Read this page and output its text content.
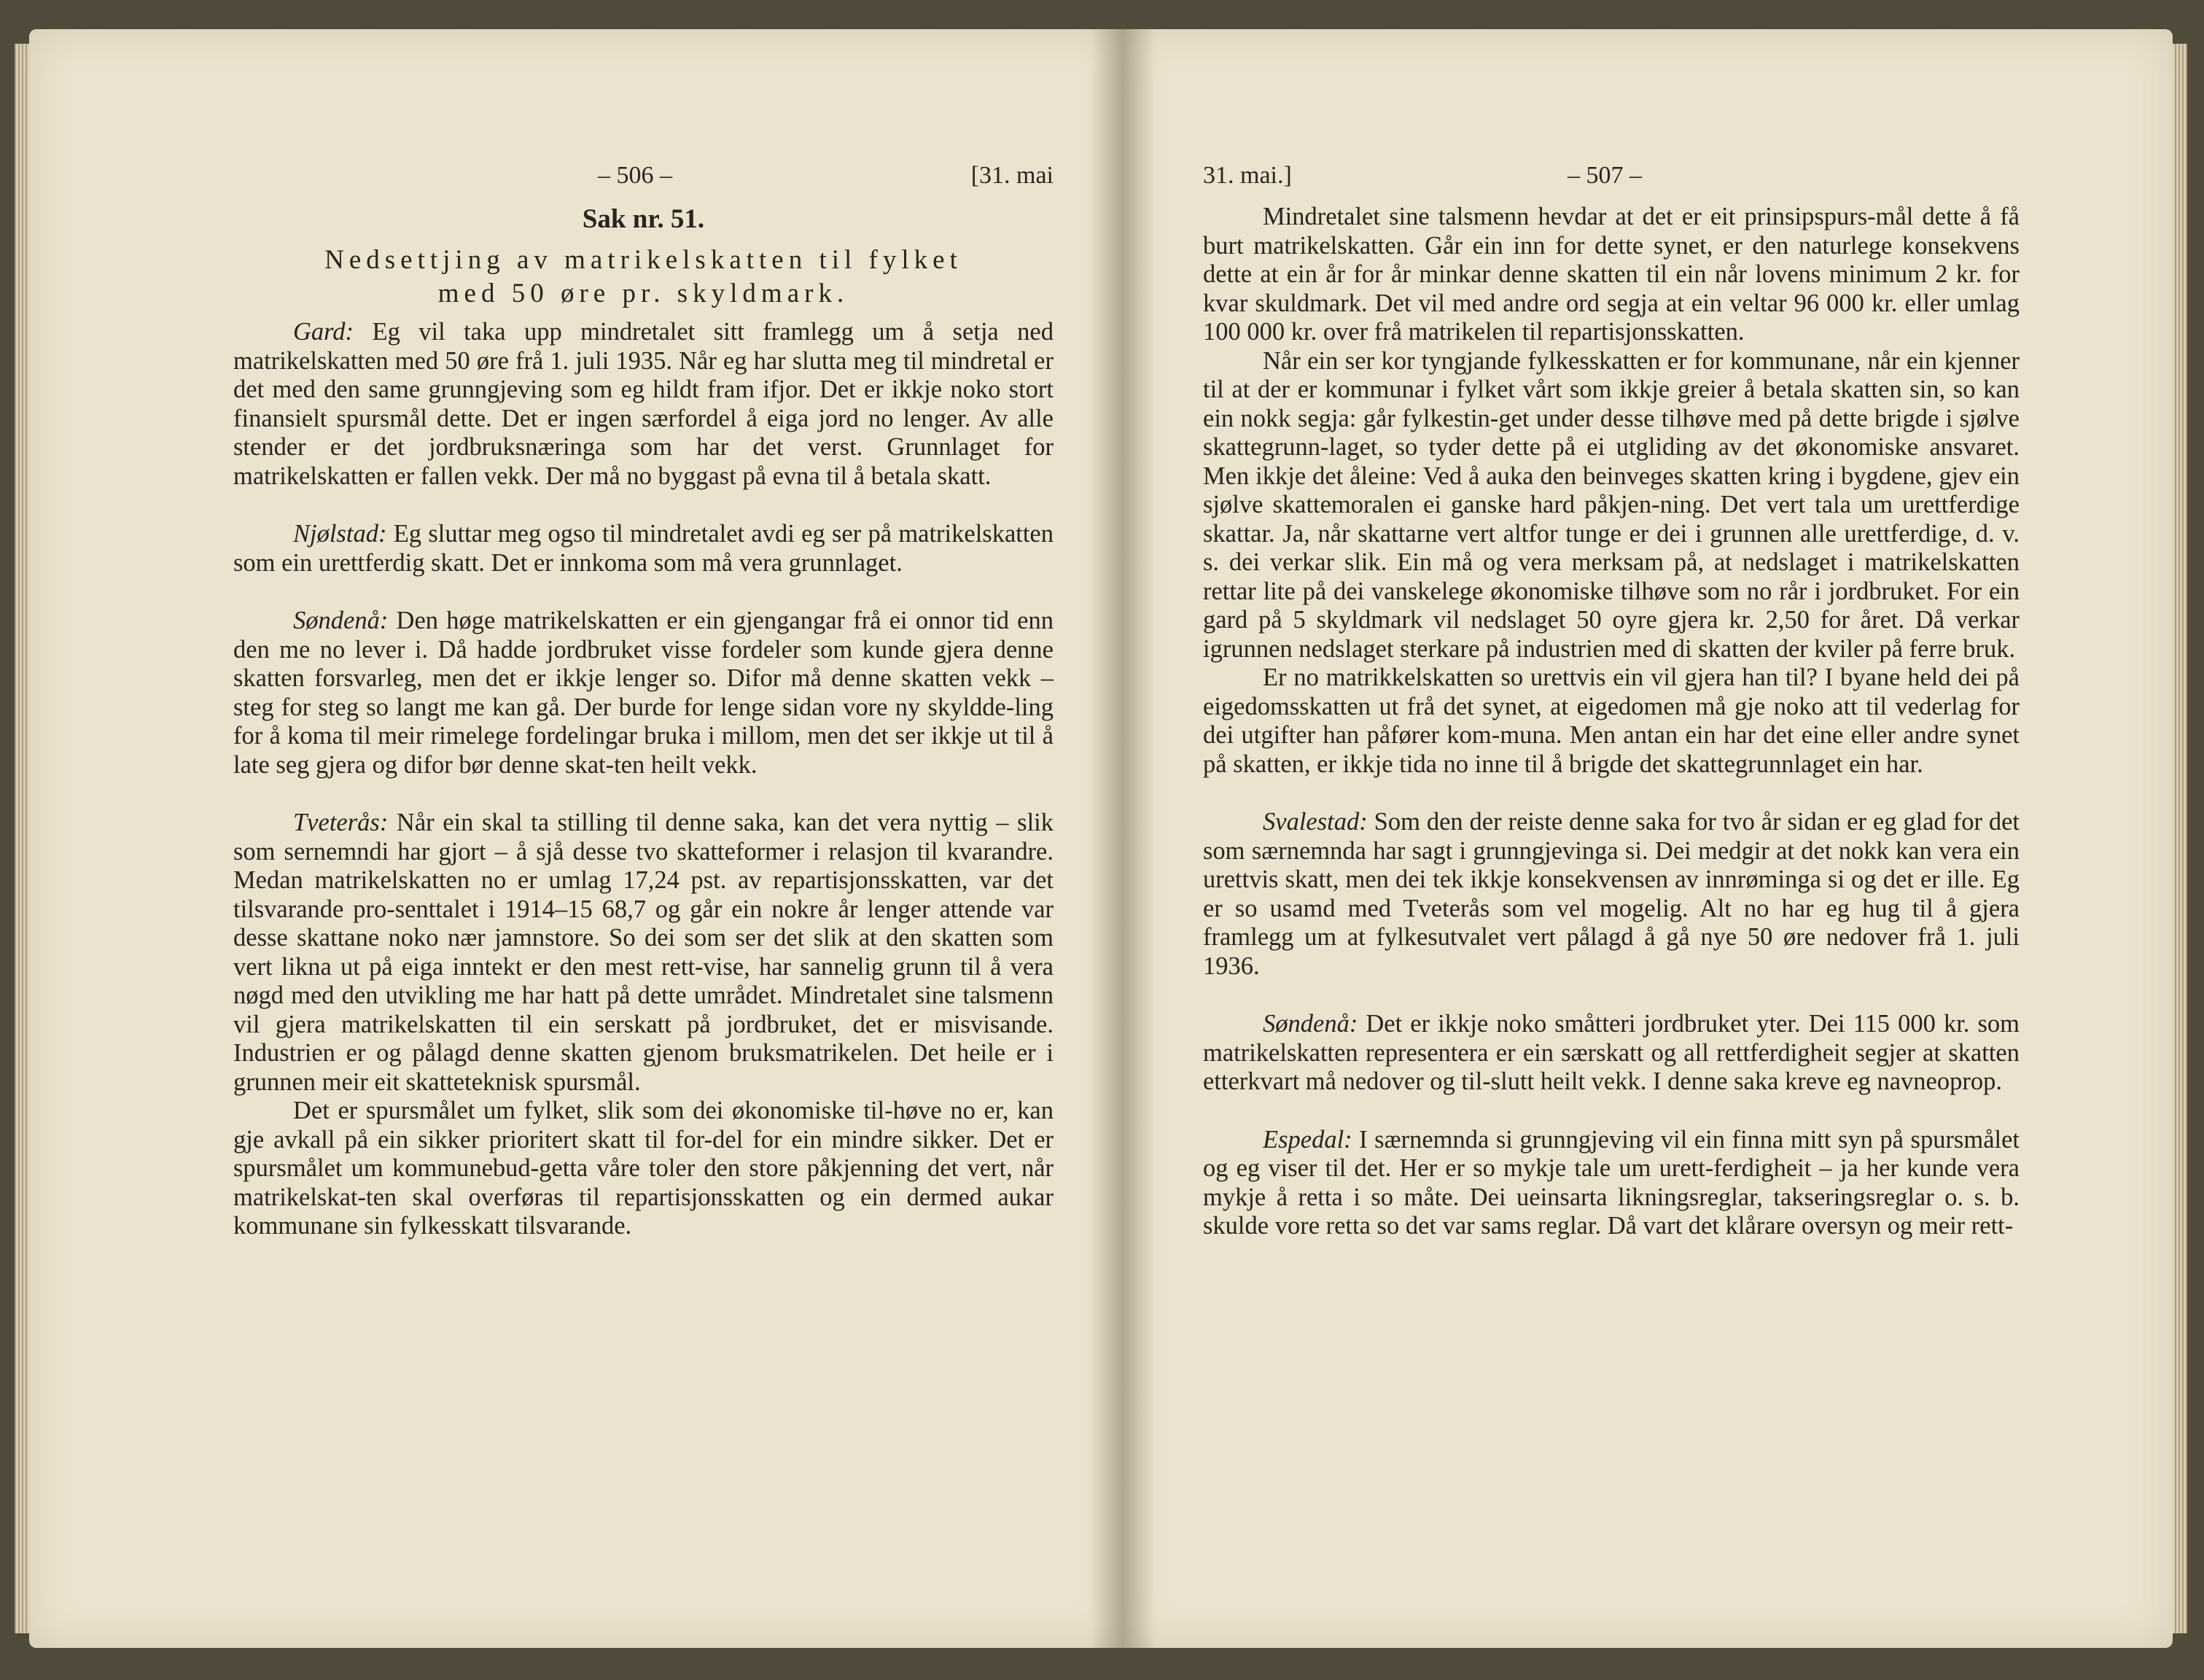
– 506 –	[31. mai
Sak nr. 51.
Nedsettjing av matrikelskatten til fylket
med 50 øre pr. skyldmark.

Gard: Eg vil taka upp mindretalet sitt framlegg um å setja ned matrikelskatten med 50 øre frå 1. juli 1935. Når eg har slutta meg til mindretal er det med den same grunngjeving som eg hildt fram ifjor. Det er ikkje noko stort finansielt spursmål dette. Det er ingen særfordel å eiga jord no lenger. Av alle stender er det jordbruksnæringa som har det verst. Grunnlaget for matrikelskatten er fallen vekk. Der må no byggast på evna til å betala skatt.

Njølstad: Eg sluttar meg ogso til mindretalet avdi eg ser på matrikelskatten som ein urettferdig skatt. Det er innkoma som må vera grunnlaget.

Søndenå: Den høge matrikelskatten er ein gjengangar frå ei onnor tid enn den me no lever i. Då hadde jordbruket visse fordeler som kunde gjera denne skatten forsvarleg, men det er ikkje lenger so. Difor må denne skatten vekk – steg for steg so langt me kan gå. Der burde for lenge sidan vore ny skyldde-ling for å koma til meir rimelege fordelingar bruka i millom, men det ser ikkje ut til å late seg gjera og difor bør denne skat-ten heilt vekk.

Tveterås: Når ein skal ta stilling til denne saka, kan det vera nyttig – slik som sernemndi har gjort – å sjå desse tvo skatteformer i relasjon til kvarandre. Medan matrikelskatten no er umlag 17,24 pst. av repartisjonsskatten, var det tilsvarande pro-senttalet i 1914–15 68,7 og går ein nokre år lenger attende var desse skattane noko nær jamnstore. So dei som ser det slik at den skatten som vert likna ut på eiga inntekt er den mest rett-vise, har sannelig grunn til å vera nøgd med den utvikling me har hatt på dette umrådet. Mindretalet sine talsmenn vil gjera matrikelskatten til ein serskatt på jordbruket, det er misvisande. Industrien er og pålagd denne skatten gjenom bruksmatrikelen. Det heile er i grunnen meir eit skatteteknisk spursmål.

Det er spursmålet um fylket, slik som dei økonomiske til-høve no er, kan gje avkall på ein sikker prioritert skatt til for-del for ein mindre sikker. Det er spursmålet um kommunebud-getta våre toler den store påkjenning det vert, når matrikelskat-ten skal overføras til repartisjonsskatten og ein dermed aukar kommunane sin fylkesskatt tilsvarande.

31. mai.]	– 507 –

Mindretalet sine talsmenn hevdar at det er eit prinsipspurs-mål dette å få burt matrikelskatten. Går ein inn for dette synet, er den naturlege konsekvens dette at ein år for år minkar denne skatten til ein når lovens minimum 2 kr. for kvar skuldmark. Det vil med andre ord segja at ein veltar 96 000 kr. eller umlag 100 000 kr. over frå matrikelen til repartisjonsskatten.

Når ein ser kor tyngjande fylkesskatten er for kommunane, når ein kjenner til at der er kommunar i fylket vårt som ikkje greier å betala skatten sin, so kan ein nokk segja: går fylkestin-get under desse tilhøve med på dette brigde i sjølve skattegrunn-laget, so tyder dette på ei utgliding av det økonomiske ansvaret. Men ikkje det åleine: Ved å auka den beinveges skatten kring i bygdene, gjev ein sjølve skattemoralen ei ganske hard påkjen-ning. Det vert tala um urettferdige skattar. Ja, når skattarne vert altfor tunge er dei i grunnen alle urettferdige, d. v. s. dei verkar slik. Ein må og vera merksam på, at nedslaget i matrikelskatten rettar lite på dei vanskelege økonomiske tilhøve som no rår i jordbruket. For ein gard på 5 skyldmark vil nedslaget 50 oyre gjera kr. 2,50 for året. Då verkar igrunnen nedslaget sterkare på industrien med di skatten der kviler på ferre bruk.

Er no matrikkelskatten so urettvis ein vil gjera han til? I byane held dei på eigedomsskatten ut frå det synet, at eigedomen må gje noko att til vederlag for dei utgifter han påfører kom-muna. Men antan ein har det eine eller andre synet på skatten, er ikkje tida no inne til å brigde det skattegrunnlaget ein har.

Svalestad: Som den der reiste denne saka for tvo år sidan er eg glad for det som særnemnda har sagt i grunngjevinga si. Dei medgir at det nokk kan vera ein urettvis skatt, men dei tek ikkje konsekvensen av innrøminga si og det er ille. Eg er so usamd med Tveterås som vel mogelig. Alt no har eg hug til å gjera framlegg um at fylkesutvalet vert pålagd å gå nye 50 øre nedover frå 1. juli 1936.

Søndenå: Det er ikkje noko småtteri jordbruket yter. Dei 115 000 kr. som matrikelskatten representera er ein særskatt og all rettferdigheit segjer at skatten etterkvart må nedover og til-slutt heilt vekk. I denne saka kreve eg navneoprop.

Espedal: I særnemnda si grunngjeving vil ein finna mitt syn på spursmålet og eg viser til det. Her er so mykje tale um urett-ferdigheit – ja her kunde vera mykje å retta i so måte. Dei ueinsarta likningsreglar, takseringsreglar o. s. b. skulde vore retta so det var sams reglar. Då vart det klårare oversyn og meir rett-
